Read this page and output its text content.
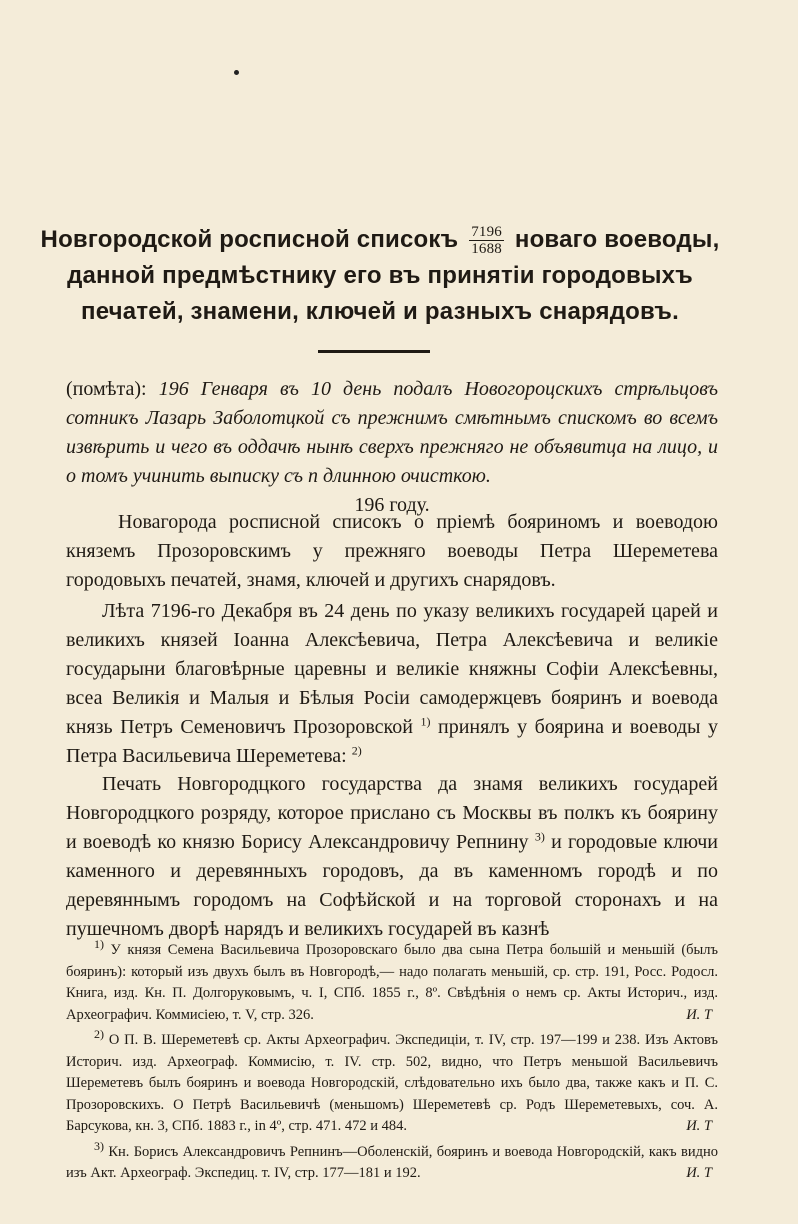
Новгородской росписной списокъ $\frac{7196}{1688}$ новаго воеводы, данной предмѣстнику его въ принятіи городовыхъ печатей, знамени, ключей и разныхъ снарядовъ.
(помѣта): 196 Генваря въ 10 день подалъ Новогороцскихъ стрѣльцовъ сотникъ Лазарь Заболотцкой съ прежнимъ смѣтнымъ спискомъ во всемъ извѣрить и чего въ оддачѣ нынѣ сверхъ прежняго не объявитца на лицо, и о томъ учинить выписку съ п длинною очисткою.
196 году.
Новагорода росписной списокъ о пріемѣ бояриномъ и воеводою княземъ Прозоровскимъ у прежняго воеводы Петра Шереметева городовыхъ печатей, знамя, ключей и другихъ снарядовъ.
Лѣта 7196-го Декабря въ 24 день по указу великихъ государей царей и великихъ князей Іоанна Алексѣевича, Петра Алексѣевича и великіе государыни благовѣрные царевны и великіе княжны Софіи Алексѣевны, всеа Великія и Малыя и Бѣлыя Росіи самодержцевъ бояринъ и воевода князь Петръ Семеновичъ Прозоровской $^{1)}$ принялъ у боярина и воеводы у Петра Васильевича Шереметева: $^{2)}$
Печать Новгородцкого государства да знамя великихъ государей Новгородцкого розряду, которое прислано съ Москвы въ полкъ къ боярину и воеводѣ ко князю Борису Александровичу Репнину $^{3)}$ и городовые ключи каменного и деревянныхъ городовъ, да въ каменномъ городѣ и по деревяннымъ городомъ на Софѣйской и на торговой сторонахъ и на пушечномъ дворѣ нарядъ и великихъ государей въ казнѣ
$^{1)}$ У князя Семена Васильевича Прозоровскаго было два сына Петра большій и меньшій (былъ бояринъ): который изъ двухъ былъ въ Новгородѣ,— надо полагать меньшій, ср. стр. 191, Росс. Родосл. Книга, изд. Кн. П. Долгоруковымъ, ч. I, СПб. 1855 г., 8º. Свѣдѣнія о немъ ср. Акты Историч., изд. Археографич. Коммисіею, т. V, стр. 326.	И. Т
$^{2)}$ О П. В. Шереметевѣ ср. Акты Археографич. Экспедиціи, т. IV, стр. 197—199 и 238. Изъ Актовъ Историч. изд. Археограф. Коммисію, т. IV. стр. 502, видно, что Петръ меньшой Васильевичъ Шереметевъ былъ бояринъ и воевода Новгородскій, слѣдовательно ихъ было два, также какъ и П. С. Прозоровскихъ. О Петрѣ Васильевичѣ (меньшомъ) Шереметевѣ ср. Родъ Шереметевыхъ, соч. А. Барсукова, кн. 3, СПб. 1883 г., in 4º, стр. 471. 472 и 484.	И. Т
$^{3)}$ Кн. Борисъ Александровичъ Репнинъ—Оболенскій, бояринъ и воевода Новгородскій, какъ видно изъ Акт. Археограф. Экспедиц. т. IV, стр. 177—181 и 192.	И. Т
